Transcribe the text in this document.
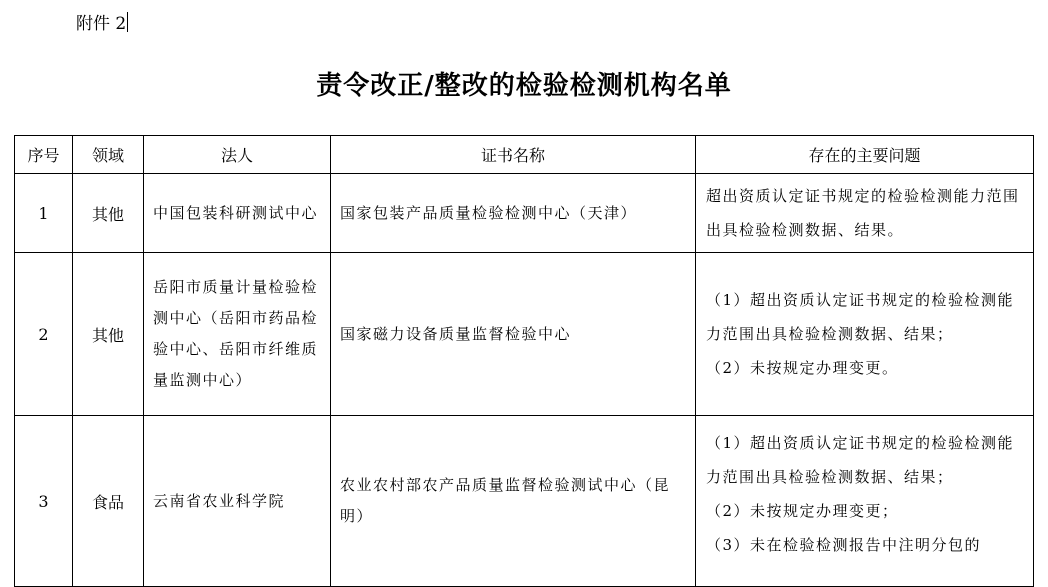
附件 2
责令改正/整改的检验检测机构名单
序号	领域	法人	证书名称	存在的主要问题
1	其他	中国包装科研测试中心	国家包装产品质量检验检测中心（天津）	超出资质认定证书规定的检验检测能力范围出具检验检测数据、结果。

2	其他	岳阳市质量计量检验检测中心（岳阳市药品检验中心、岳阳市纤维质量监测中心）	国家磁力设备质量监督检验中心	（1）超出资质认定证书规定的检验检测能力范围出具检验检测数据、结果；
（2）未按规定办理变更。

3	食品	云南省农业科学院	农业农村部农产品质量监督检验测试中心（昆明）	（1）超出资质认定证书规定的检验检测能力范围出具检验检测数据、结果；
（2）未按规定办理变更；
（3）未在检验检测报告中注明分包的
